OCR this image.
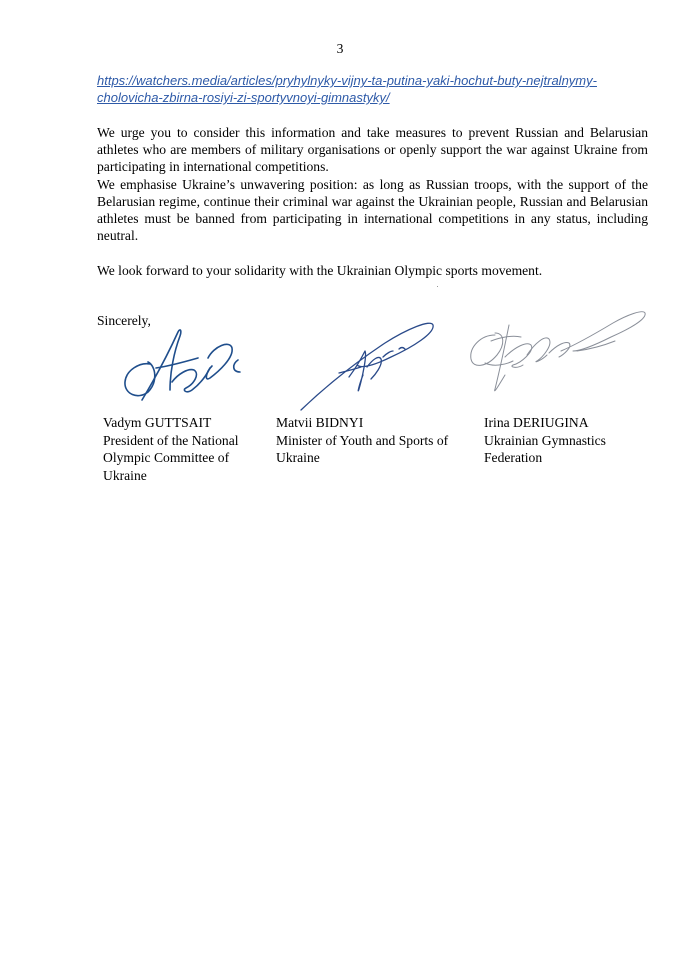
3
https://watchers.media/articles/pryhylnyky-vijny-ta-putina-yaki-hochut-buty-nejtralnymy-
cholovicha-zbirna-rosiyi-zi-sportyvnoyi-gimnastyky/
We urge you to consider this information and take measures to prevent Russian and Belarusian athletes who are members of military organisations or openly support the war against Ukraine from participating in international competitions.
We emphasise Ukraine’s unwavering position: as long as Russian troops, with the support of the Belarusian regime, continue their criminal war against the Ukrainian people, Russian and Belarusian athletes must be banned from participating in international competitions in any status, including neutral.
We look forward to your solidarity with the Ukrainian Olympic sports movement.
Sincerely,
Vadym GUTTSAIT
President of the National
Olympic Committee of
Ukraine
Matvii BIDNYI
Minister of Youth and Sports of
Ukraine
Irina DERIUGINA
Ukrainian Gymnastics
Federation
